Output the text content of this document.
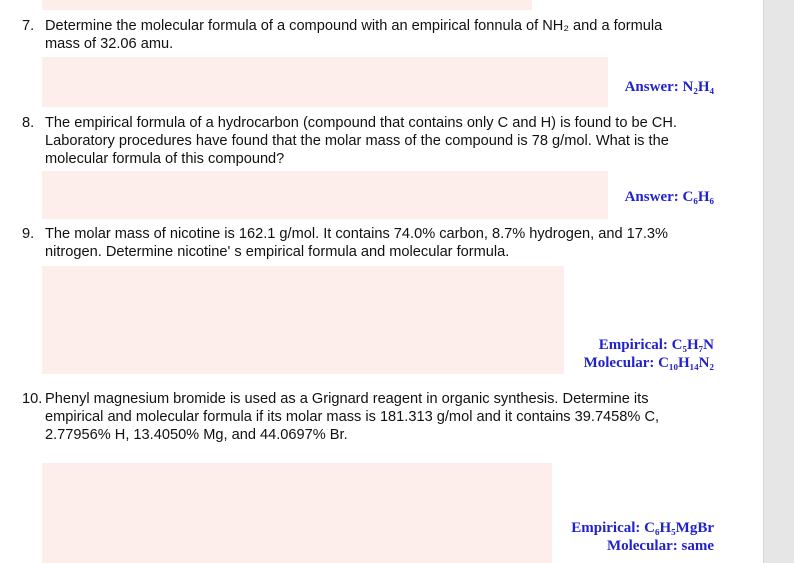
7. Determine the molecular formula of a compound with an empirical fonnula of NH₂ and a formula mass of 32.06 amu.
Answer: N₂H₄
8. The empirical formula of a hydrocarbon (compound that contains only C and H) is found to be CH. Laboratory procedures have found that the molar mass of the compound is 78 g/mol. What is the molecular formula of this compound?
Answer: C₆H₆
9. The molar mass of nicotine is 162.1 g/mol. It contains 74.0% carbon, 8.7% hydrogen, and 17.3% nitrogen. Determine nicotine' s empirical formula and molecular formula.
Empirical: C₅H₇N
Molecular: C₁₀H₁₄N₂
10. Phenyl magnesium bromide is used as a Grignard reagent in organic synthesis. Determine its empirical and molecular formula if its molar mass is 181.313 g/mol and it contains 39.7458% C, 2.77956% H, 13.4050% Mg, and 44.0697% Br.
Empirical: C₆H₅MgBr
Molecular: same
